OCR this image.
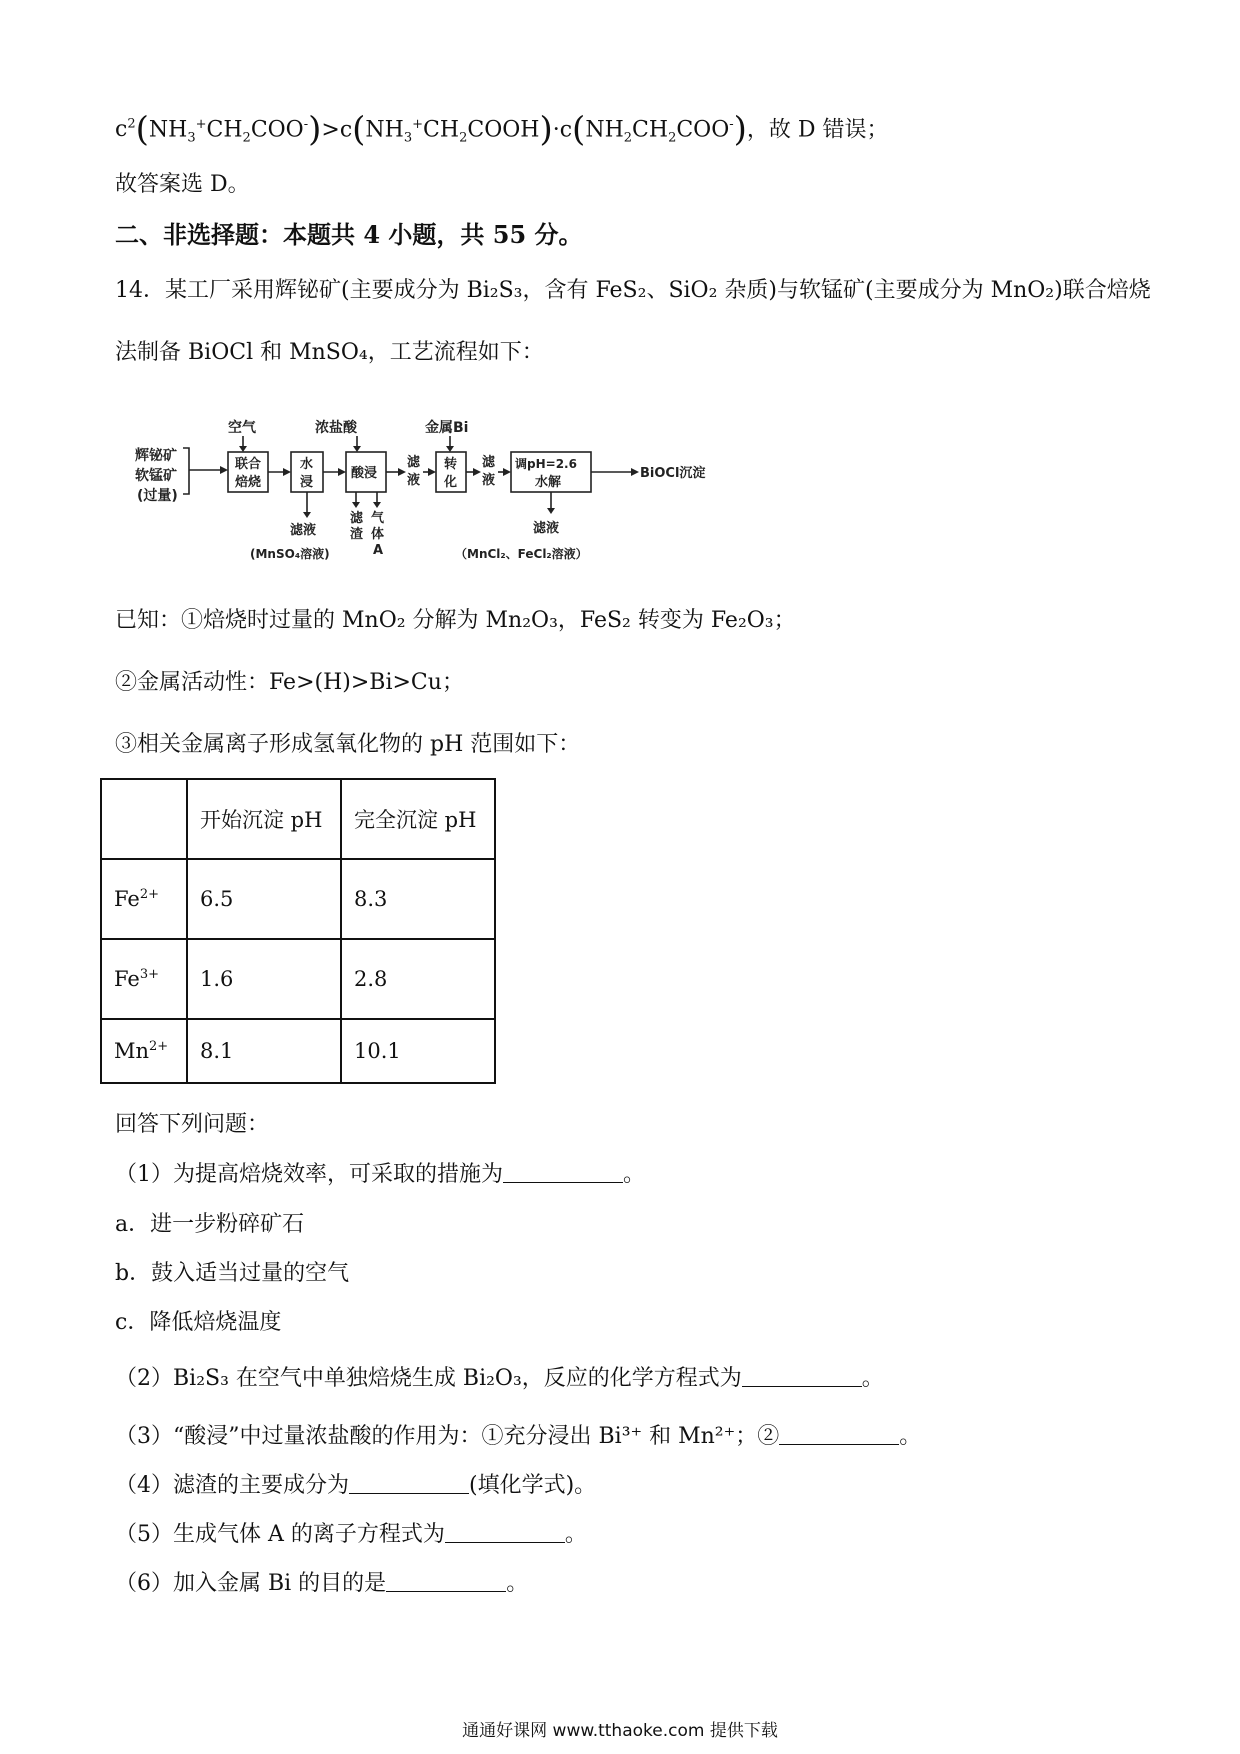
$c^2(NH_3^+CH_2COO^-)>c(NH_3^+CH_2COOH)\cdot c(NH_2CH_2COO^-)$，故 D 错误；
故答案选 D。
二、非选择题：本题共 4 小题，共 55 分。
14．某工厂采用辉铋矿(主要成分为 Bi₂S₃，含有 FeS₂、SiO₂ 杂质)与软锰矿(主要成分为 MnO₂)联合焙烧
法制备 BiOCl 和 MnSO₄，工艺流程如下：
辉铋矿
软锰矿
(过量)
空气
联合
焙烧
水
浸
浓盐酸
酸浸
滤
液
金属Bi
转
化
滤
液
调pH=2.6
水解
BiOCl沉淀
滤液
(MnSO₄溶液)
滤
渣
气
体
A
滤液
（MnCl₂、FeCl₂溶液）
已知：①焙烧时过量的 MnO₂ 分解为 Mn₂O₃，FeS₂ 转变为 Fe₂O₃；
②金属活动性：Fe>(H)>Bi>Cu；
③相关金属离子形成氢氧化物的 pH 范围如下：
	开始沉淀 pH	完全沉淀 pH
$Fe^{2+}$	6.5	8.3
$Fe^{3+}$	1.6	2.8
$Mn^{2+}$	8.1	10.1
回答下列问题：
（1）为提高焙烧效率，可采取的措施为	。
a．进一步粉碎矿石
b．鼓入适当过量的空气
c．降低焙烧温度
（2）Bi₂S₃ 在空气中单独焙烧生成 Bi₂O₃，反应的化学方程式为	。
（3）“酸浸”中过量浓盐酸的作用为：①充分浸出 Bi³⁺ 和 Mn²⁺；②	。
（4）滤渣的主要成分为	(填化学式)。
（5）生成气体 A 的离子方程式为	。
（6）加入金属 Bi 的目的是	。
通通好课网 www.tthaoke.com 提供下载
